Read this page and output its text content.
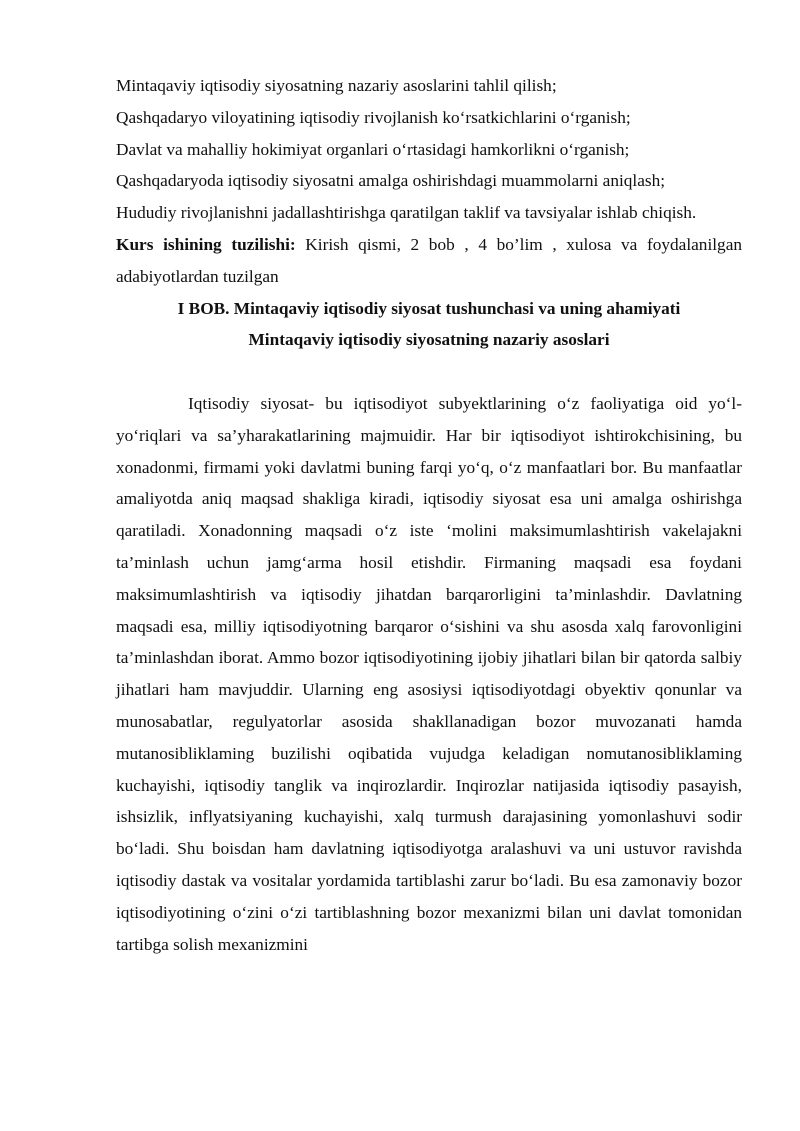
Mintaqaviy iqtisodiy siyosatning nazariy asoslarini tahlil qilish;

Qashqadaryo viloyatining iqtisodiy rivojlanish koʻrsatkichlarini oʻrganish;

Davlat va mahalliy hokimiyat organlari oʻrtasidagi hamkorlikni oʻrganish;

Qashqadaryoda iqtisodiy siyosatni amalga oshirishdagi muammolarni aniqlash;

Hududiy rivojlanishni jadallashtirishga qaratilgan taklif va tavsiyalar ishlab chiqish.

Kurs ishining tuzilishi: Kirish qismi, 2 bob , 4 bo’lim , xulosa va foydalanilgan adabiyotlardan tuzilgan

I BOB. Mintaqaviy iqtisodiy siyosat tushunchasi va uning ahamiyati

Mintaqaviy iqtisodiy siyosatning nazariy asoslari

Iqtisodiy siyosat- bu iqtisodiyot subyektlarining oʻz faoliyatiga oid yoʻl-yoʻriqlari va sa’yharakatlarining majmuidir. Har bir iqtisodiyot ishtirokchisining, bu xonadonmi, firmami yoki davlatmi buning farqi yoʻq, oʻz manfaatlari bor. Bu manfaatlar amaliyotda aniq maqsad shakliga kiradi, iqtisodiy siyosat esa uni amalga oshirishga qaratiladi. Xonadonning maqsadi oʻz iste ‘molini maksimumlashtirish vakelajakni ta’minlash uchun jamgʻarma hosil etishdir. Firmaning maqsadi esa foydani maksimumlashtirish va iqtisodiy jihatdan barqarorligini ta’minlashdir. Davlatning maqsadi esa, milliy iqtisodiyotning barqaror oʻsishini va shu asosda xalq farovonligini ta’minlashdan iborat. Ammo bozor iqtisodiyotining ijobiy jihatlari bilan bir qatorda salbiy jihatlari ham mavjuddir. Ularning eng asosiysi iqtisodiyotdagi obyektiv qonunlar va munosabatlar, regulyatorlar asosida shakllanadigan bozor muvozanati hamda mutanosibliklaming buzilishi oqibatida vujudga keladigan nomutanosibliklaming kuchayishi, iqtisodiy tanglik va inqirozlardir. Inqirozlar natijasida iqtisodiy pasayish, ishsizlik, inflyatsiyaning kuchayishi, xalq turmush darajasining yomonlashuvi sodir boʻladi. Shu boisdan ham davlatning iqtisodiyotga aralashuvi va uni ustuvor ravishda iqtisodiy dastak va vositalar yordamida tartiblashi zarur boʻladi. Bu esa zamonaviy bozor iqtisodiyotining oʻzini oʻzi tartiblashning bozor mexanizmi bilan uni davlat tomonidan tartibga solish mexanizmini
